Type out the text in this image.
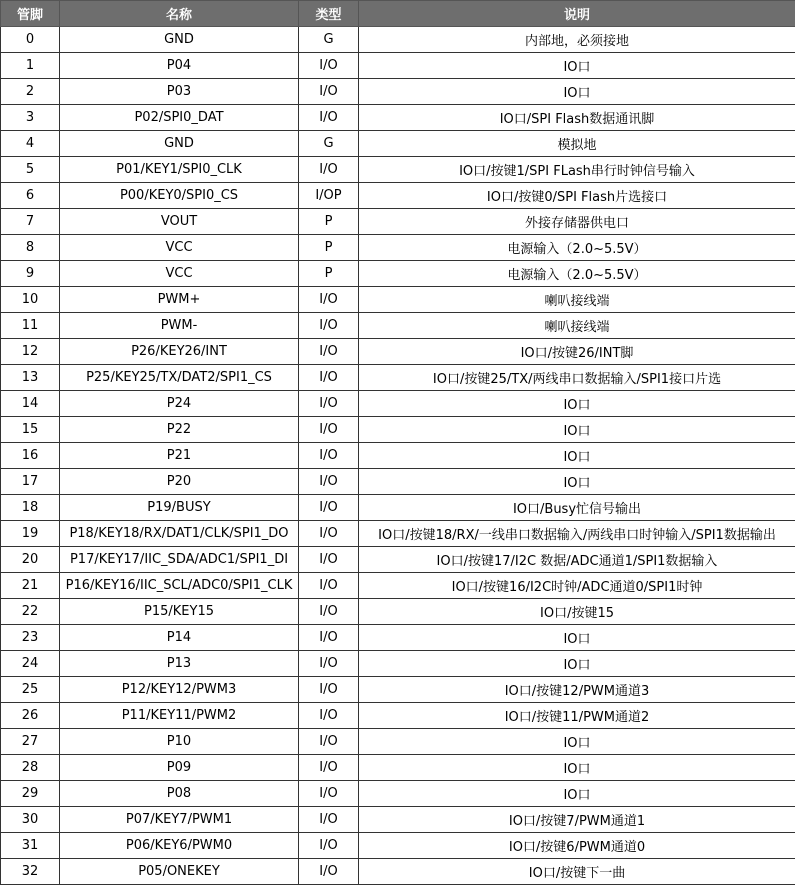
管脚	名称	类型	说明
0	GND	G	内部地，必须接地
1	P04	I/O	IO口
2	P03	I/O	IO口
3	P02/SPI0_DAT	I/O	IO口/SPI Flash数据通讯脚
4	GND	G	模拟地
5	P01/KEY1/SPI0_CLK	I/O	IO口/按键1/SPI FLash串行时钟信号输入
6	P00/KEY0/SPI0_CS	I/OP	IO口/按键0/SPI Flash片选接口
7	VOUT	P	外接存储器供电口
8	VCC	P	电源输入（2.0~5.5V）
9	VCC	P	电源输入（2.0~5.5V）
10	PWM+	I/O	喇叭接线端
11	PWM-	I/O	喇叭接线端
12	P26/KEY26/INT	I/O	IO口/按键26/INT脚
13	P25/KEY25/TX/DAT2/SPI1_CS	I/O	IO口/按键25/TX/两线串口数据输入/SPI1接口片选
14	P24	I/O	IO口
15	P22	I/O	IO口
16	P21	I/O	IO口
17	P20	I/O	IO口
18	P19/BUSY	I/O	IO口/Busy忙信号输出
19	P18/KEY18/RX/DAT1/CLK/SPI1_DO	I/O	IO口/按键18/RX/一线串口数据输入/两线串口时钟输入/SPI1数据输出
20	P17/KEY17/IIC_SDA/ADC1/SPI1_DI	I/O	IO口/按键17/I2C 数据/ADC通道1/SPI1数据输入
21	P16/KEY16/IIC_SCL/ADC0/SPI1_CLK	I/O	IO口/按键16/I2C时钟/ADC通道0/SPI1时钟
22	P15/KEY15	I/O	IO口/按键15
23	P14	I/O	IO口
24	P13	I/O	IO口
25	P12/KEY12/PWM3	I/O	IO口/按键12/PWM通道3
26	P11/KEY11/PWM2	I/O	IO口/按键11/PWM通道2
27	P10	I/O	IO口
28	P09	I/O	IO口
29	P08	I/O	IO口
30	P07/KEY7/PWM1	I/O	IO口/按键7/PWM通道1
31	P06/KEY6/PWM0	I/O	IO口/按键6/PWM通道0
32	P05/ONEKEY	I/O	IO口/按键下一曲
